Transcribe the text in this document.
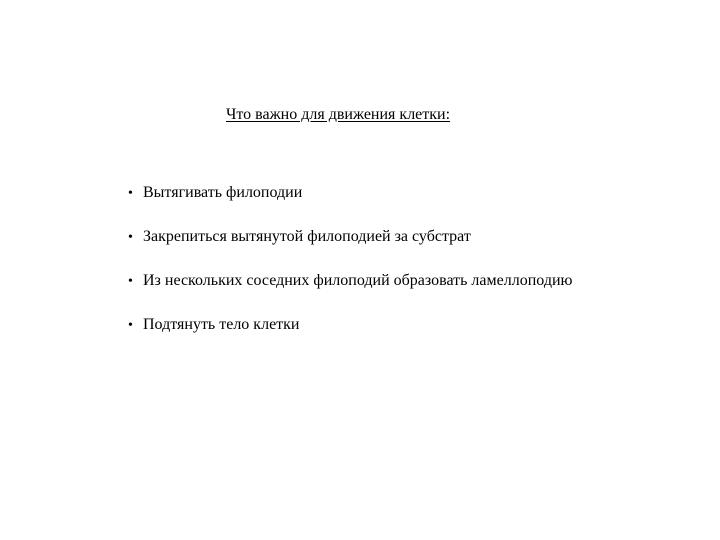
Что важно для движения клетки:
• Вытягивать филоподии
• Закрепиться вытянутой филоподией за субстрат
• Из нескольких соседних филоподий образовать ламеллоподию
• Подтянуть тело клетки
